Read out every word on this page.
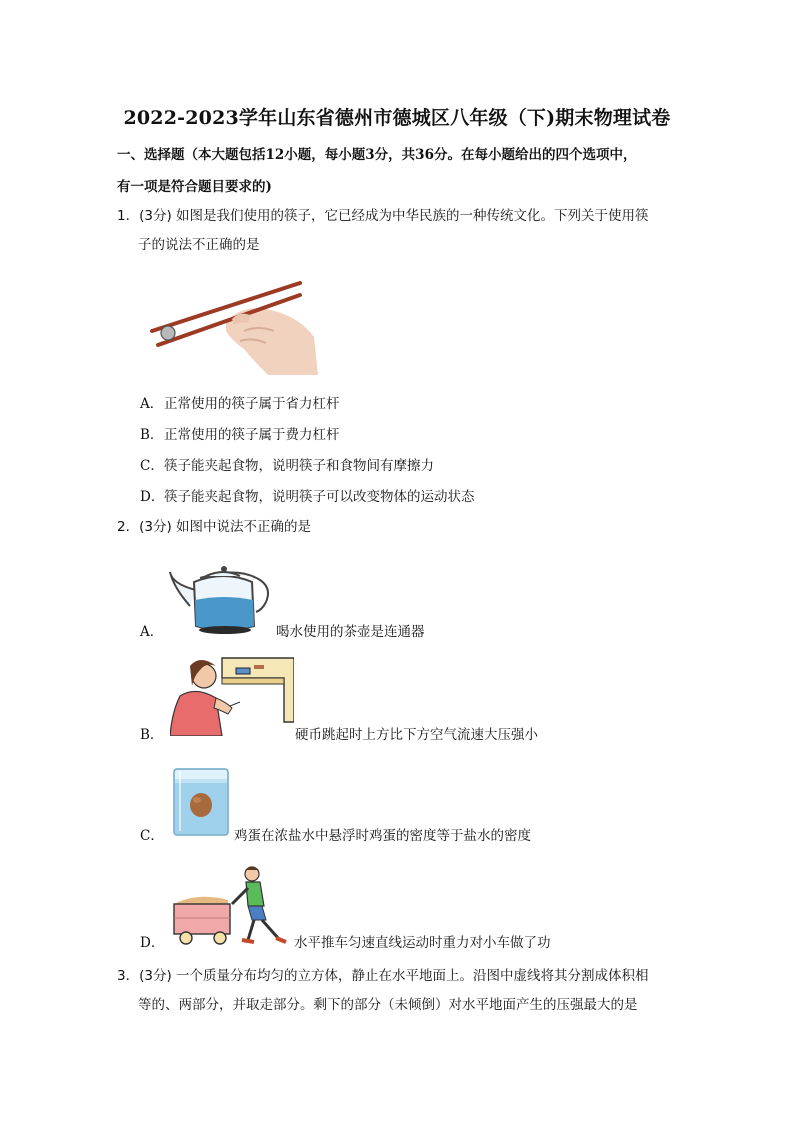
2022-2023学年山东省德州市德城区八年级（下)期末物理试卷
一、选择题（本大题包括12小题，每小题3分，共36分。在每小题给出的四个选项中，
有一项是符合题目要求的)
1．(3分) 如图是我们使用的筷子，它已经成为中华民族的一种传统文化。下列关于使用筷
子的说法不正确的是
A．正常使用的筷子属于省力杠杆
B．正常使用的筷子属于费力杠杆
C．筷子能夹起食物，说明筷子和食物间有摩擦力
D．筷子能夹起食物，说明筷子可以改变物体的运动状态
2．(3分) 如图中说法不正确的是
A．	喝水使用的茶壶是连通器
B．	硬币跳起时上方比下方空气流速大压强小
C．	鸡蛋在浓盐水中悬浮时鸡蛋的密度等于盐水的密度
D．	水平推车匀速直线运动时重力对小车做了功
3．(3分) 一个质量分布均匀的立方体，静止在水平地面上。沿图中虚线将其分割成体积相
等的、两部分，并取走部分。剩下的部分（未倾倒）对水平地面产生的压强最大的是
